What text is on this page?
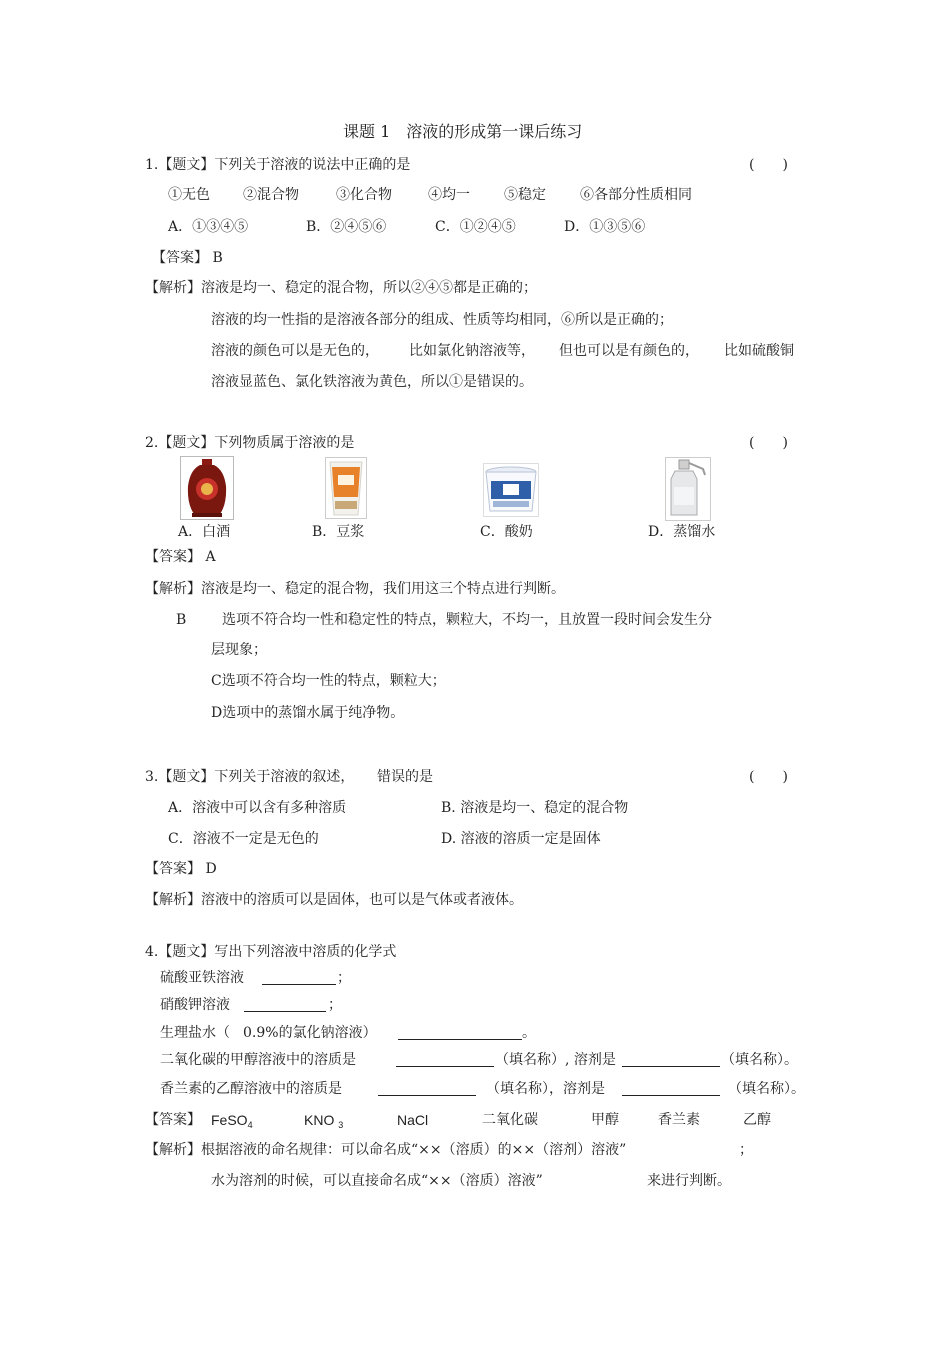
课题 1　溶液的形成第一课后练习
1.【题文】下列关于溶液的说法中正确的是	(　　)
①无色 ②混合物	③化合物	④均一 ⑤稳定 ⑥各部分性质相同
A．①③④⑤	B．②④⑤⑥	C．①②④⑤	D．①③⑤⑥
【答案】 B
【解析】溶液是均一、稳定的混合物，所以②④⑤都是正确的；
溶液的均一性指的是溶液各部分的组成、性质等均相同，⑥所以是正确的；
溶液的颜色可以是无色的， 比如氯化钠溶液等， 但也可以是有颜色的， 比如硫酸铜
溶液显蓝色、氯化铁溶液为黄色，所以①是错误的。
2.【题文】下列物质属于溶液的是	(　　)
A．白酒	B．豆浆	C．酸奶	D．蒸馏水
【答案】 A
【解析】溶液是均一、稳定的混合物，我们用这三个特点进行判断。
B	选项不符合均一性和稳定性的特点，颗粒大，不均一，且放置一段时间会发生分
层现象；
C选项不符合均一性的特点，颗粒大；
D选项中的蒸馏水属于纯净物。
3.【题文】下列关于溶液的叙述， 错误的是	(　　)
A．溶液中可以含有多种溶质	B. 溶液是均一、稳定的混合物
C．溶液不一定是无色的	D. 溶液的溶质一定是固体
【答案】 D
【解析】溶液中的溶质可以是固体，也可以是气体或者液体。
4.【题文】写出下列溶液中溶质的化学式
硫酸亚铁溶液	；
硝酸钾溶液	；
生理盐水（ 0.9%的氯化钠溶液）	。
二氧化碳的甲醇溶液中的溶质是	（填名称）, 溶剂是	（填名称）。
香兰素的乙醇溶液中的溶质是	（填名称），溶剂是	（填名称）。
【答案】 FeSO$_4$	KNO $_3$	NaCl	二氧化碳	甲醇	香兰素	乙醇
【解析】根据溶液的命名规律：可以命名成“××（溶质）的××（溶剂）溶液”	；
水为溶剂的时候，可以直接命名成“××（溶质）溶液”	来进行判断。
